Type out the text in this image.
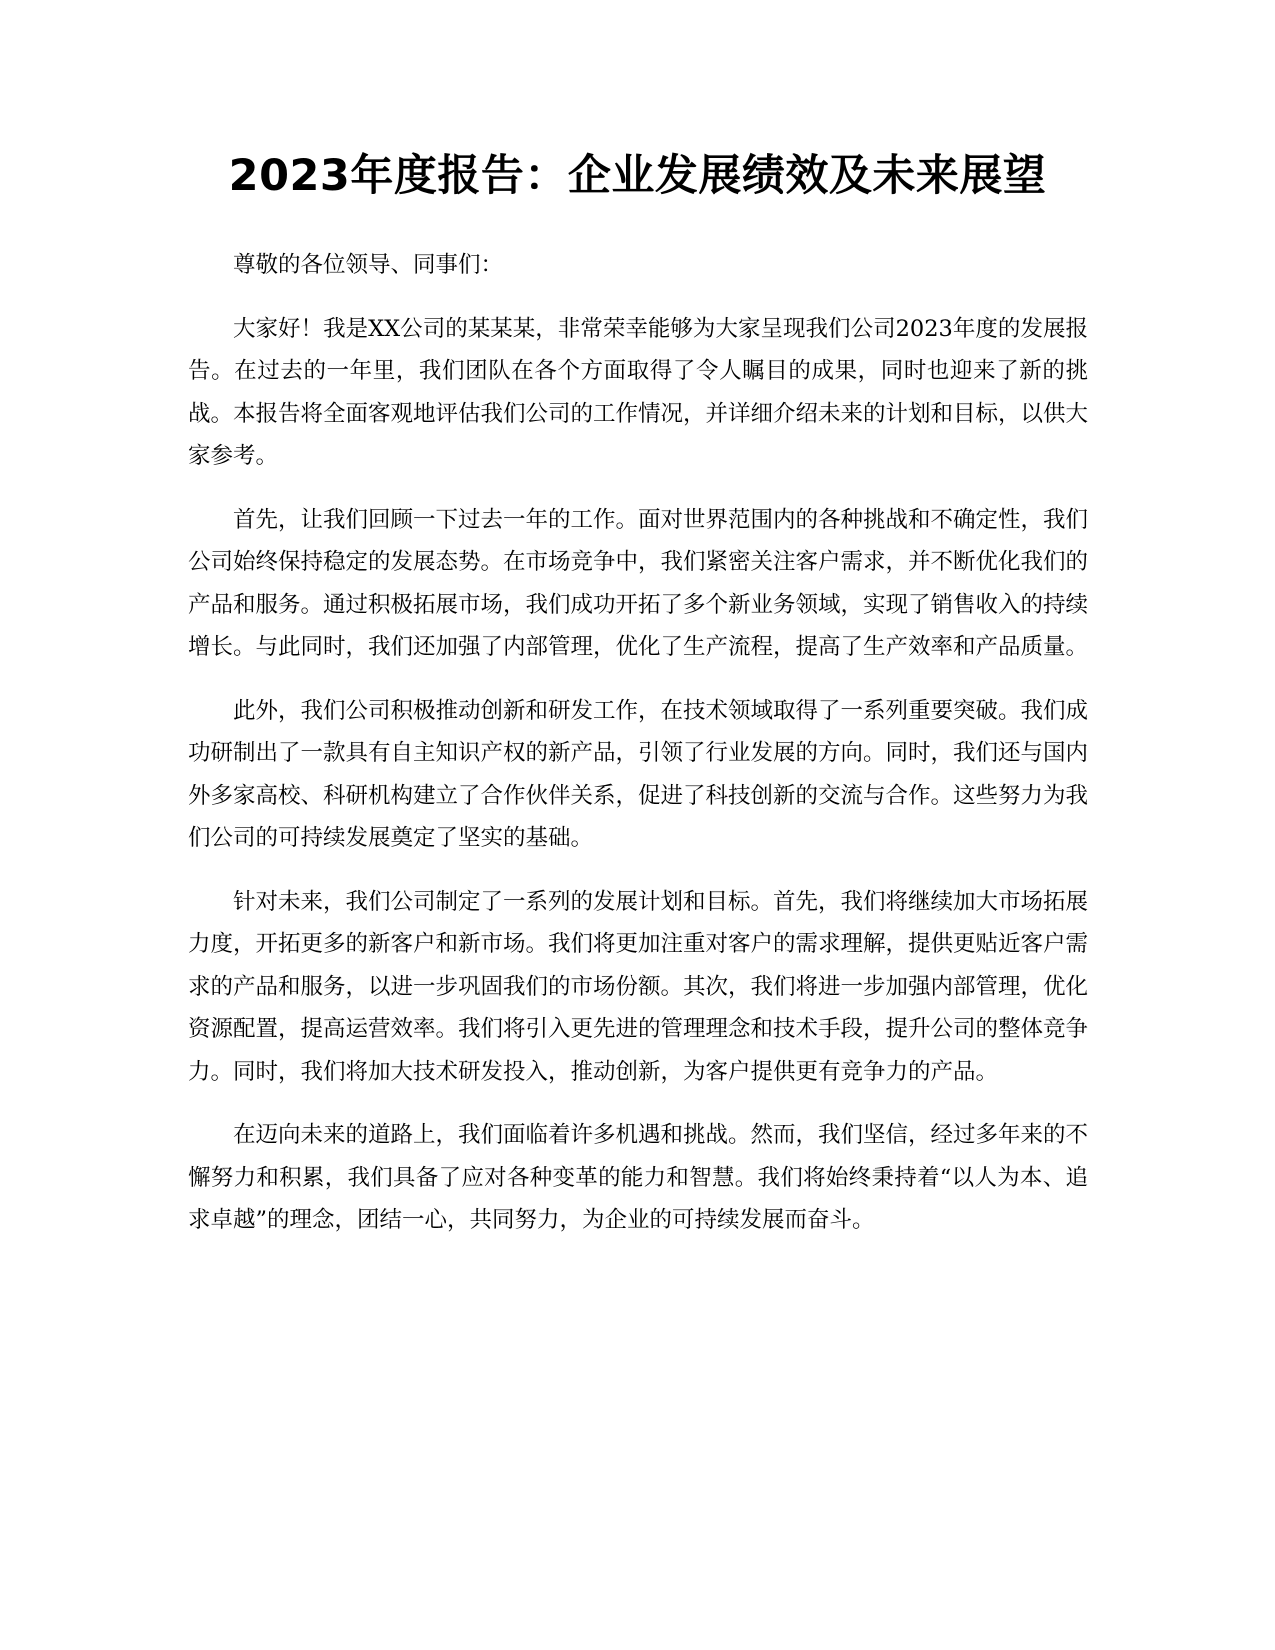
2023年度报告：企业发展绩效及未来展望

尊敬的各位领导、同事们：

大家好！我是XX公司的某某某，非常荣幸能够为大家呈现我们公司2023年度的发展报告。在过去的一年里，我们团队在各个方面取得了令人瞩目的成果，同时也迎来了新的挑战。本报告将全面客观地评估我们公司的工作情况，并详细介绍未来的计划和目标，以供大家参考。

首先，让我们回顾一下过去一年的工作。面对世界范围内的各种挑战和不确定性，我们公司始终保持稳定的发展态势。在市场竞争中，我们紧密关注客户需求，并不断优化我们的产品和服务。通过积极拓展市场，我们成功开拓了多个新业务领域，实现了销售收入的持续增长。与此同时，我们还加强了内部管理，优化了生产流程，提高了生产效率和产品质量。

此外，我们公司积极推动创新和研发工作，在技术领域取得了一系列重要突破。我们成功研制出了一款具有自主知识产权的新产品，引领了行业发展的方向。同时，我们还与国内外多家高校、科研机构建立了合作伙伴关系，促进了科技创新的交流与合作。这些努力为我们公司的可持续发展奠定了坚实的基础。

针对未来，我们公司制定了一系列的发展计划和目标。首先，我们将继续加大市场拓展力度，开拓更多的新客户和新市场。我们将更加注重对客户的需求理解，提供更贴近客户需求的产品和服务，以进一步巩固我们的市场份额。其次，我们将进一步加强内部管理，优化资源配置，提高运营效率。我们将引入更先进的管理理念和技术手段，提升公司的整体竞争力。同时，我们将加大技术研发投入，推动创新，为客户提供更有竞争力的产品。

在迈向未来的道路上，我们面临着许多机遇和挑战。然而，我们坚信，经过多年来的不懈努力和积累，我们具备了应对各种变革的能力和智慧。我们将始终秉持着“以人为本、追求卓越”的理念，团结一心，共同努力，为企业的可持续发展而奋斗。
